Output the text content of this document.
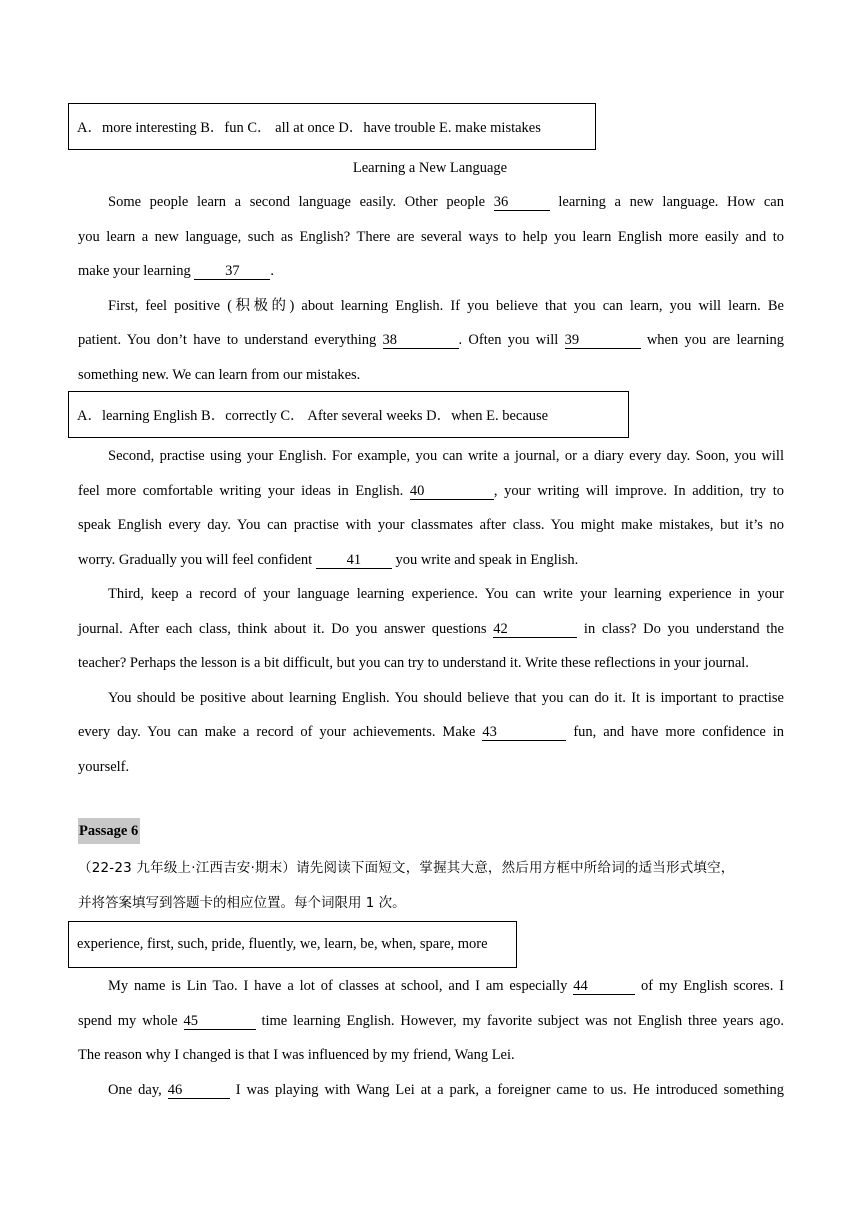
A．more interesting B．fun C． all at once D．have trouble E. make mistakes
Learning a New Language
Some people learn a second language easily. Other people 36	learning a new language. How can
you learn a new language, such as English? There are several ways to help you learn English more easily and to
make your learning 37 .
First, feel positive (积极的) about learning English. If you believe that you can learn, you will learn. Be
patient. You don’t have to understand everything 38	. Often you will 39	when you are learning
something new. We can learn from our mistakes.
A．learning English B．correctly C． After several weeks D．when E. because
Second, practise using your English. For example, you can write a journal, or a diary every day. Soon, you will
feel more comfortable writing your ideas in English. 40	, your writing will improve. In addition, try to
speak English every day. You can practise with your classmates after class. You might make mistakes, but it’s no
worry. Gradually you will feel confident 41 you write and speak in English.
Third, keep a record of your language learning experience. You can write your learning experience in your
journal. After each class, think about it. Do you answer questions 42	in class? Do you understand the
teacher? Perhaps the lesson is a bit difficult, but you can try to understand it. Write these reflections in your journal.
You should be positive about learning English. You should believe that you can do it. It is important to practise
every day. You can make a record of your achievements. Make 43	fun, and have more confidence in
yourself.
Passage 6
（22-23 九年级上·江西吉安·期末）请先阅读下面短文，掌握其大意，然后用方框中所给词的适当形式填空，
并将答案填写到答题卡的相应位置。每个词限用 1 次。
experience, first, such, pride, fluently, we, learn, be, when, spare, more
My name is Lin Tao. I have a lot of classes at school, and I am especially 44	of my English scores. I
spend my whole 45	time learning English. However, my favorite subject was not English three years ago.
The reason why I changed is that I was influenced by my friend, Wang Lei.
One day, 46	I was playing with Wang Lei at a park, a foreigner came to us. He introduced something
